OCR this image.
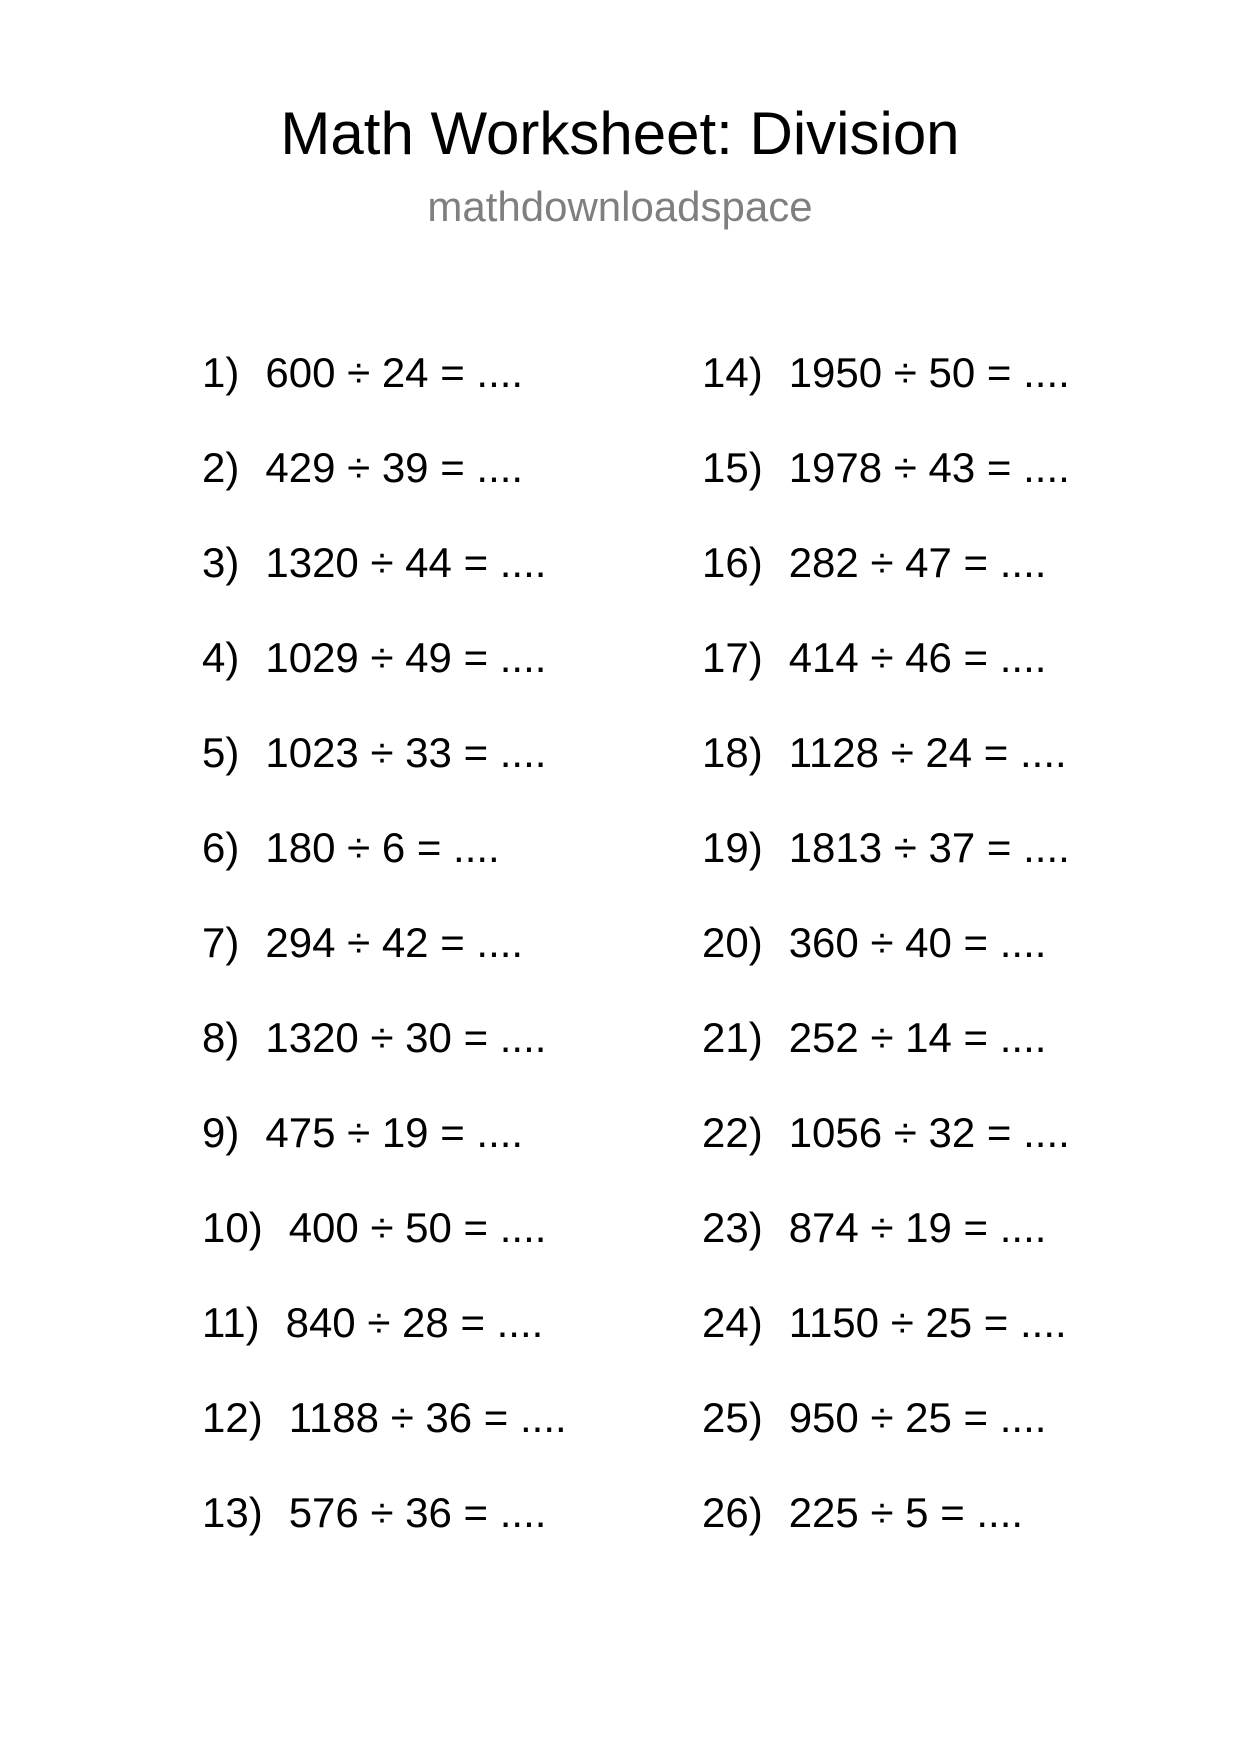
Math Worksheet: Division
mathdownloadspace
1) 600 ÷ 24 = ....
2) 429 ÷ 39 = ....
3) 1320 ÷ 44 = ....
4) 1029 ÷ 49 = ....
5) 1023 ÷ 33 = ....
6) 180 ÷ 6 = ....
7) 294 ÷ 42 = ....
8) 1320 ÷ 30 = ....
9) 475 ÷ 19 = ....
10) 400 ÷ 50 = ....
11) 840 ÷ 28 = ....
12) 1188 ÷ 36 = ....
13) 576 ÷ 36 = ....
14) 1950 ÷ 50 = ....
15) 1978 ÷ 43 = ....
16) 282 ÷ 47 = ....
17) 414 ÷ 46 = ....
18) 1128 ÷ 24 = ....
19) 1813 ÷ 37 = ....
20) 360 ÷ 40 = ....
21) 252 ÷ 14 = ....
22) 1056 ÷ 32 = ....
23) 874 ÷ 19 = ....
24) 1150 ÷ 25 = ....
25) 950 ÷ 25 = ....
26) 225 ÷ 5 = ....
